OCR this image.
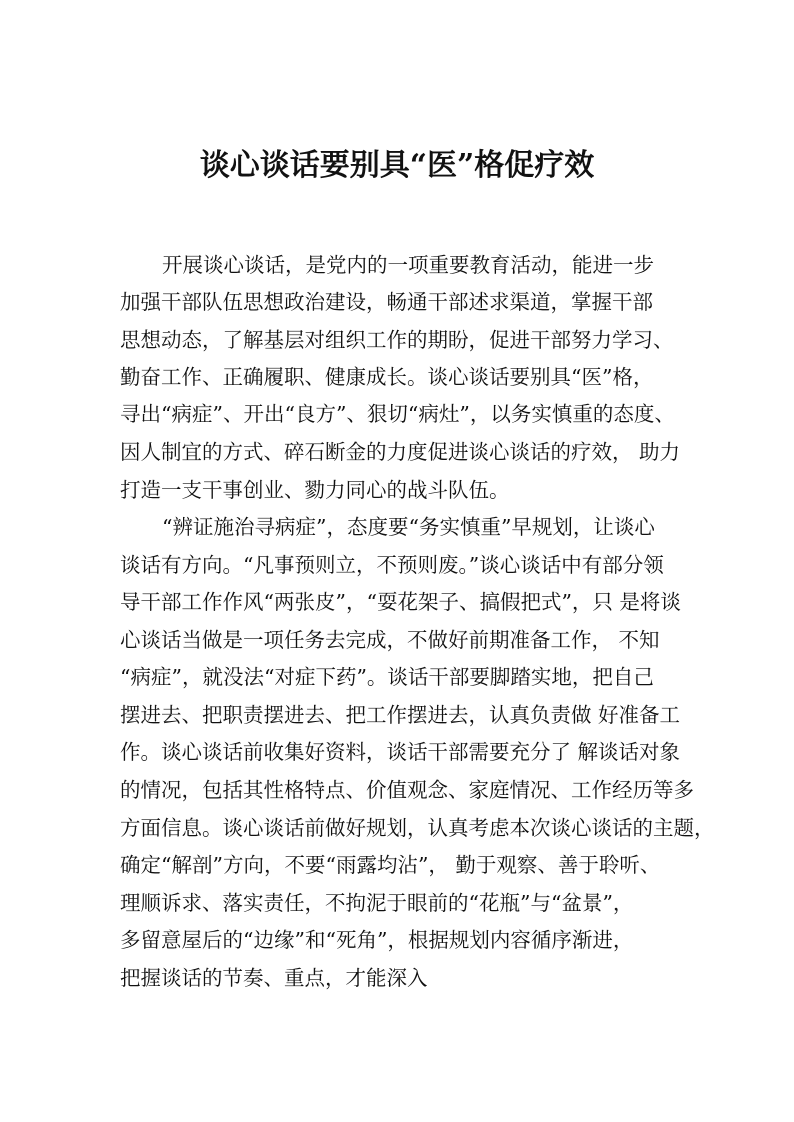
谈心谈话要别具“医”格促疗效
开展谈心谈话，是党内的一项重要教育活动，能进一步
加强干部队伍思想政治建设，畅通干部述求渠道，掌握干部
思想动态，了解基层对组织工作的期盼，促进干部努力学习、
勤奋工作、正确履职、健康成长。谈心谈话要别具“医”格，
寻出“病症”、开出“良方”、狠切“病灶”，以务实慎重的态度、
因人制宜的方式、碎石断金的力度促进谈心谈话的疗效， 助力
打造一支干事创业、勠力同心的战斗队伍。
“辨证施治寻病症”，态度要“务实慎重”早规划，让谈心
谈话有方向。“凡事预则立，不预则废。”谈心谈话中有部分领
导干部工作作风“两张皮”，“耍花架子、搞假把式”，只 是将谈
心谈话当做是一项任务去完成，不做好前期准备工作， 不知
“病症”，就没法“对症下药”。谈话干部要脚踏实地，把自己
摆进去、把职责摆进去、把工作摆进去，认真负责做 好准备工
作。谈心谈话前收集好资料，谈话干部需要充分了 解谈话对象
的情况，包括其性格特点、价值观念、家庭情况、工作经历等多
方面信息。谈心谈话前做好规划，认真考虑本次谈心谈话的主题，
确定“解剖”方向，不要“雨露均沾”， 勤于观察、善于聆听、
理顺诉求、落实责任，不拘泥于眼前的“花瓶”与“盆景”，
多留意屋后的“边缘”和“死角”，根据规划内容循序渐进，
把握谈话的节奏、重点，才能深入
